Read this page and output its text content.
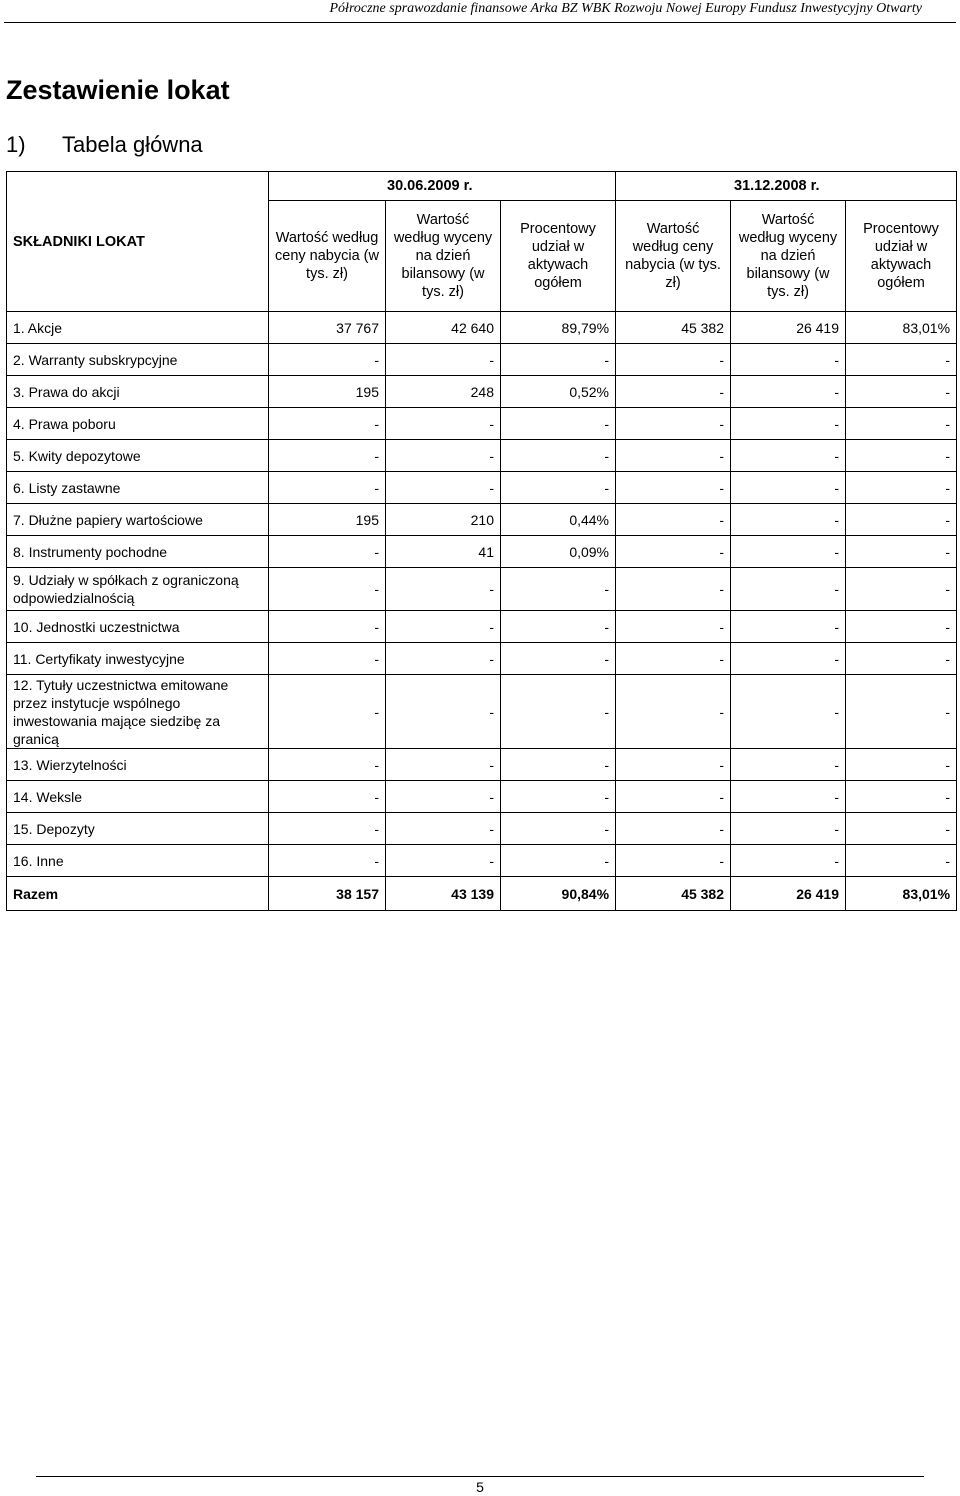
Półroczne sprawozdanie finansowe Arka BZ WBK Rozwoju Nowej Europy Fundusz Inwestycyjny Otwarty
Zestawienie lokat
1) Tabela główna
SKŁADNIKI LOKAT	30.06.2009 r.			31.12.2008 r.		
	Wartość według ceny nabycia (w tys. zł)	Wartość według wyceny na dzień bilansowy (w tys. zł)	Procentowy udział w aktywach ogółem	Wartość według ceny nabycia (w tys. zł)	Wartość według wyceny na dzień bilansowy (w tys. zł)	Procentowy udział w aktywach ogółem
1. Akcje	37 767	42 640	89,79%	45 382	26 419	83,01%
2. Warranty subskrypcyjne	-	-	-	-	-	-
3. Prawa do akcji	195	248	0,52%	-	-	-
4. Prawa poboru	-	-	-	-	-	-
5. Kwity depozytowe	-	-	-	-	-	-
6. Listy zastawne	-	-	-	-	-	-
7. Dłużne papiery wartościowe	195	210	0,44%	-	-	-
8. Instrumenty pochodne	-	41	0,09%	-	-	-
9. Udziały w spółkach z ograniczoną odpowiedzialnością	-	-	-	-	-	-
10. Jednostki uczestnictwa	-	-	-	-	-	-
11. Certyfikaty inwestycyjne	-	-	-	-	-	-
12. Tytuły uczestnictwa emitowane przez instytucje wspólnego inwestowania mające siedzibę za granicą	-	-	-	-	-	-
13. Wierzytelności	-	-	-	-	-	-
14. Weksle	-	-	-	-	-	-
15. Depozyty	-	-	-	-	-	-
16. Inne	-	-	-	-	-	-
Razem	38 157	43 139	90,84%	45 382	26 419	83,01%
5
